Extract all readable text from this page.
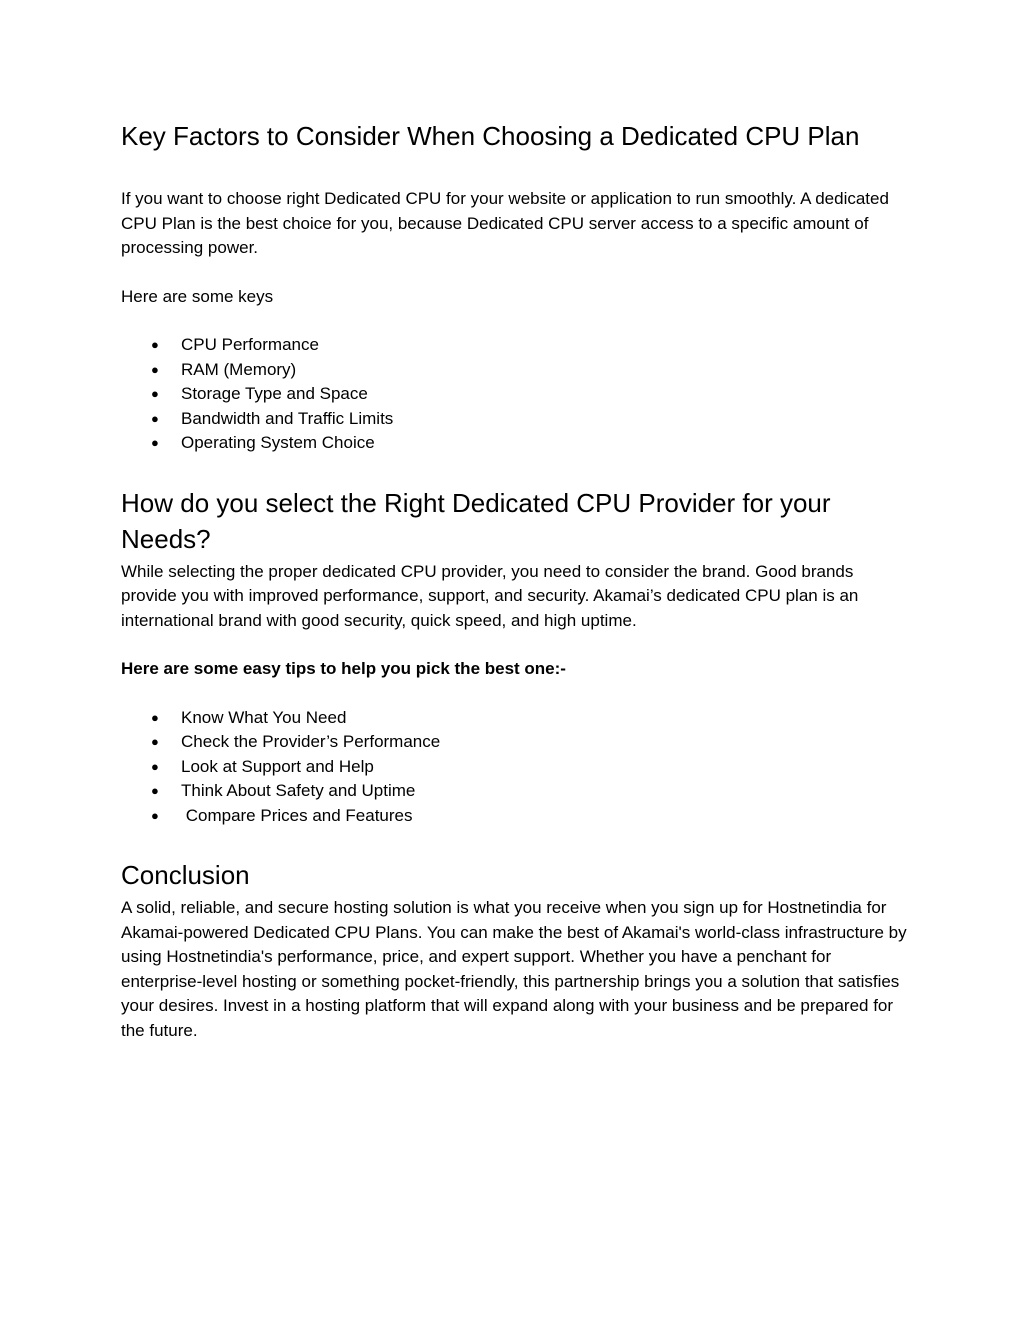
Key Factors to Consider When Choosing a Dedicated CPU Plan

If you want to choose right Dedicated CPU for your website or application to run smoothly. A dedicated CPU Plan is the best choice for you, because Dedicated CPU server access to a specific amount of processing power.

Here are some keys

● CPU Performance
● RAM (Memory)
● Storage Type and Space
● Bandwidth and Traffic Limits
● Operating System Choice
How do you select the Right Dedicated CPU Provider for your Needs?

While selecting the proper dedicated CPU provider, you need to consider the brand. Good brands provide you with improved performance, support, and security. Akamai’s dedicated CPU plan is an international brand with good security, quick speed, and high uptime.

Here are some easy tips to help you pick the best one:-

● Know What You Need
● Check the Provider’s Performance
● Look at Support and Help
● Think About Safety and Uptime
● Compare Prices and Features
Conclusion

A solid, reliable, and secure hosting solution is what you receive when you sign up for Hostnetindia for Akamai-powered Dedicated CPU Plans. You can make the best of Akamai's world-class infrastructure by using Hostnetindia's performance, price, and expert support. Whether you have a penchant for enterprise-level hosting or something pocket-friendly, this partnership brings you a solution that satisfies your desires. Invest in a hosting platform that will expand along with your business and be prepared for the future.
